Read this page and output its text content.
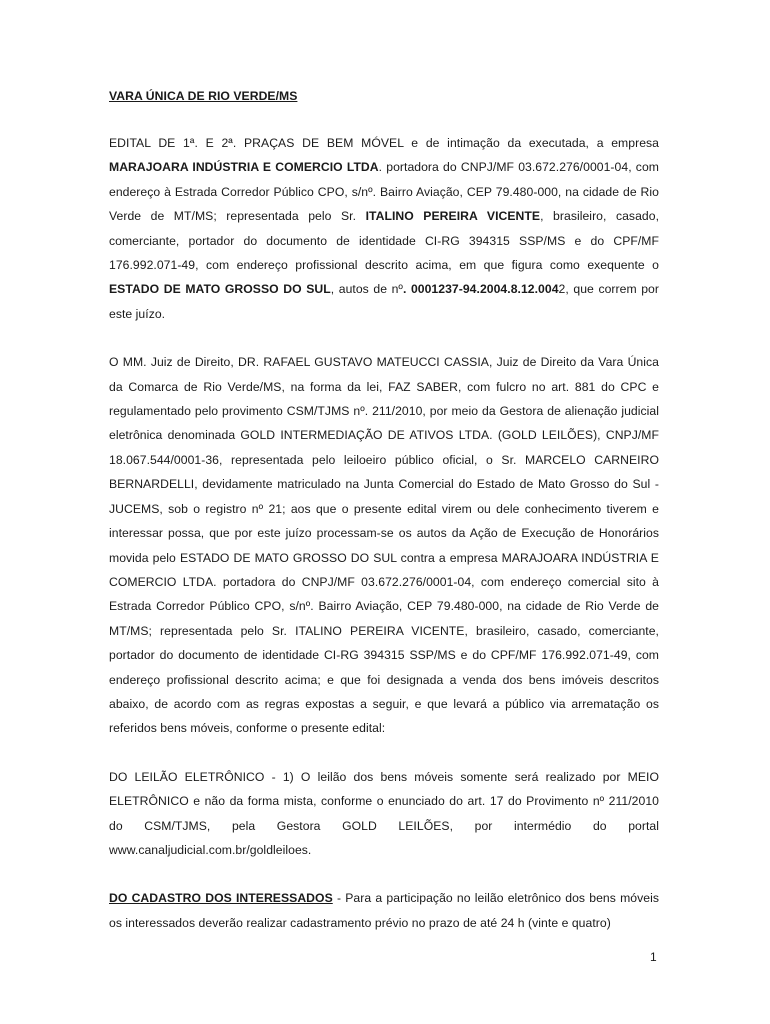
VARA ÚNICA DE RIO VERDE/MS

EDITAL DE 1ª. E 2ª. PRAÇAS DE BEM MÓVEL e de intimação da executada, a empresa MARAJOARA INDÚSTRIA E COMERCIO LTDA. portadora do CNPJ/MF 03.672.276/0001-04, com endereço à Estrada Corredor Público CPO, s/nº. Bairro Aviação, CEP 79.480-000, na cidade de Rio Verde de MT/MS; representada pelo Sr. ITALINO PEREIRA VICENTE, brasileiro, casado, comerciante, portador do documento de identidade CI-RG 394315 SSP/MS e do CPF/MF 176.992.071-49, com endereço profissional descrito acima, em que figura como exequente o ESTADO DE MATO GROSSO DO SUL, autos de nº. 0001237-94.2004.8.12.0042, que correm por este juízo.

O MM. Juiz de Direito, DR. RAFAEL GUSTAVO MATEUCCI CASSIA, Juiz de Direito da Vara Única da Comarca de Rio Verde/MS, na forma da lei, FAZ SABER, com fulcro no art. 881 do CPC e regulamentado pelo provimento CSM/TJMS nº. 211/2010, por meio da Gestora de alienação judicial eletrônica denominada GOLD INTERMEDIAÇÃO DE ATIVOS LTDA. (GOLD LEILÕES), CNPJ/MF 18.067.544/0001-36, representada pelo leiloeiro público oficial, o Sr. MARCELO CARNEIRO BERNARDELLI, devidamente matriculado na Junta Comercial do Estado de Mato Grosso do Sul - JUCEMS, sob o registro nº 21; aos que o presente edital virem ou dele conhecimento tiverem e interessar possa, que por este juízo processam-se os autos da Ação de Execução de Honorários movida pelo ESTADO DE MATO GROSSO DO SUL contra a empresa MARAJOARA INDÚSTRIA E COMERCIO LTDA. portadora do CNPJ/MF 03.672.276/0001-04, com endereço comercial sito à Estrada Corredor Público CPO, s/nº. Bairro Aviação, CEP 79.480-000, na cidade de Rio Verde de MT/MS; representada pelo Sr. ITALINO PEREIRA VICENTE, brasileiro, casado, comerciante, portador do documento de identidade CI-RG 394315 SSP/MS e do CPF/MF 176.992.071-49, com endereço profissional descrito acima; e que foi designada a venda dos bens imóveis descritos abaixo, de acordo com as regras expostas a seguir, e que levará a público via arrematação os referidos bens móveis, conforme o presente edital:

DO LEILÃO ELETRÔNICO - 1) O leilão dos bens móveis somente será realizado por MEIO ELETRÔNICO e não da forma mista, conforme o enunciado do art. 17 do Provimento nº 211/2010 do CSM/TJMS, pela Gestora GOLD LEILÕES, por intermédio do portal www.canaljudicial.com.br/goldleiloes.

DO CADASTRO DOS INTERESSADOS - Para a participação no leilão eletrônico dos bens móveis os interessados deverão realizar cadastramento prévio no prazo de até 24 h (vinte e quatro)

1
